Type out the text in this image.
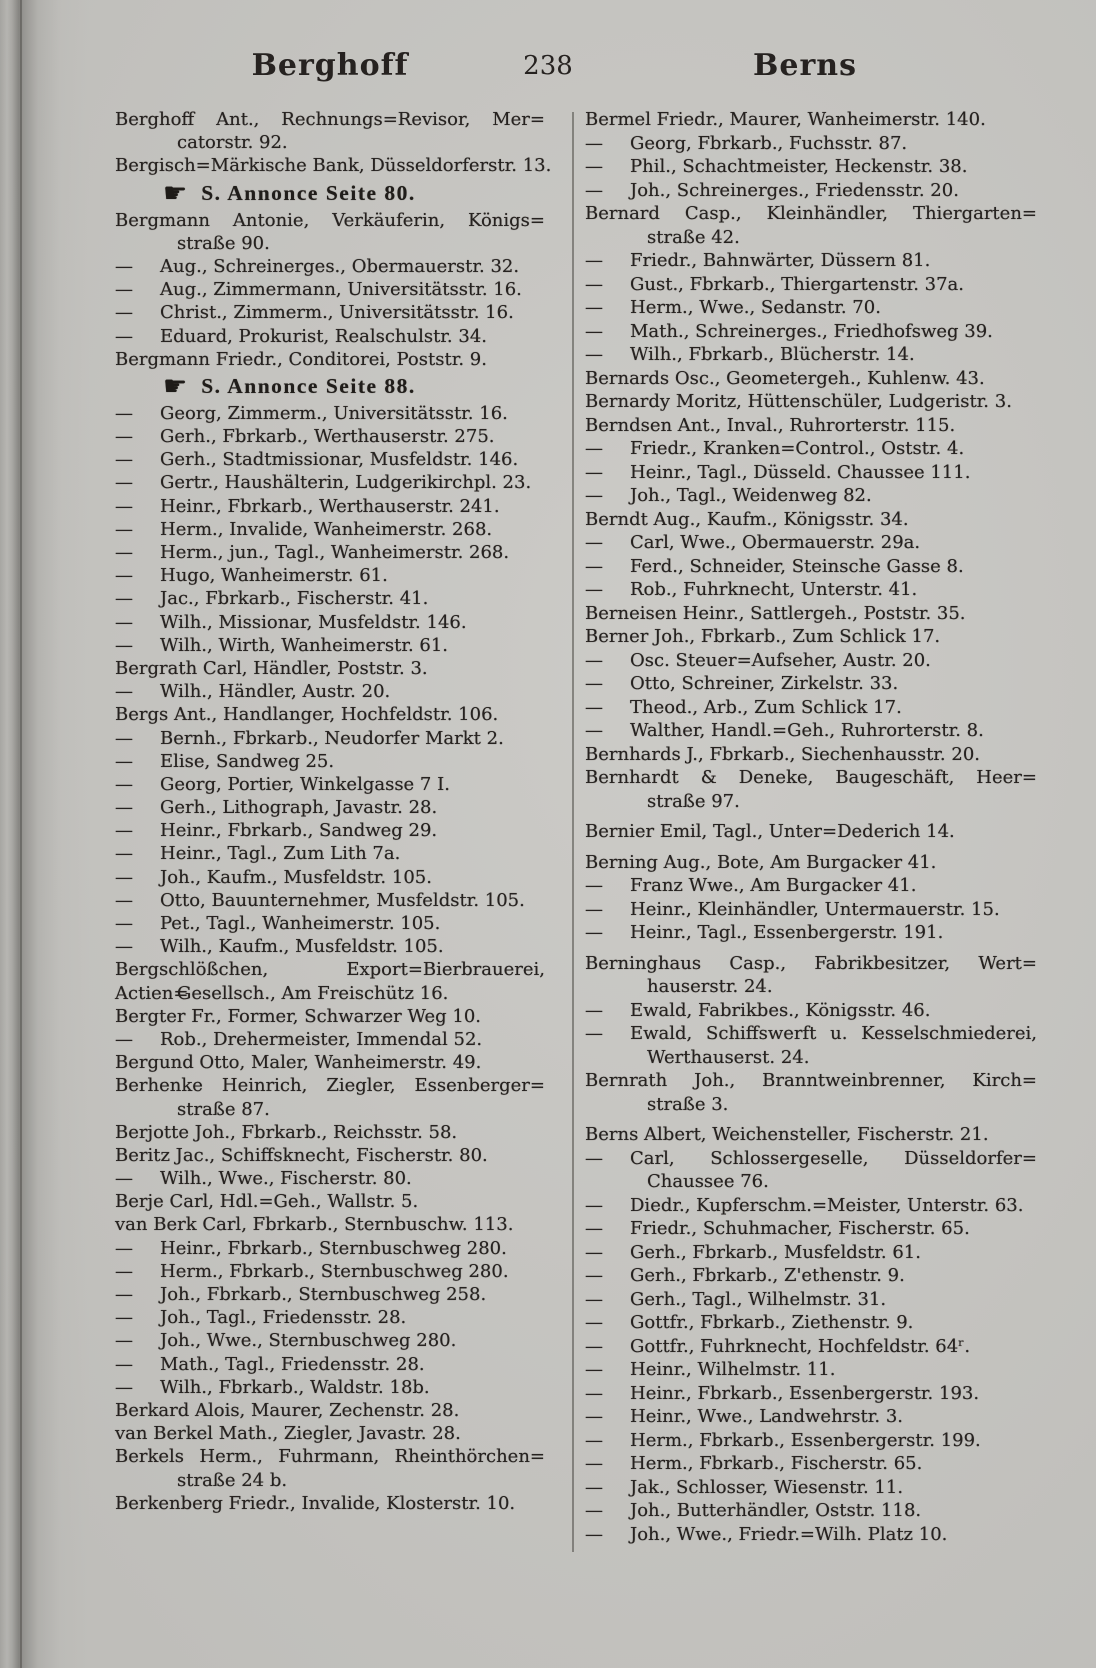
Berghoff	238	Berns
Berghoff Ant., Rechnungs=Revisor, Mer=
catorstr. 92.
Bergisch=Märkische Bank, Düsseldorferstr. 13.
☛ S. Annonce Seite 80.
Bergmann Antonie, Verkäuferin, Königs=
straße 90.
—  Aug., Schreinerges., Obermauerstr. 32.
—  Aug., Zimmermann, Universitätsstr. 16.
—  Christ., Zimmerm., Universitätsstr. 16.
—  Eduard, Prokurist, Realschulstr. 34.
Bergmann Friedr., Conditorei, Poststr. 9.
☛ S. Annonce Seite 88.
—  Georg, Zimmerm., Universitätsstr. 16.
—  Gerh., Fbrkarb., Werthauserstr. 275.
—  Gerh., Stadtmissionar, Musfeldstr. 146.
—  Gertr., Haushälterin, Ludgerikirchpl. 23.
—  Heinr., Fbrkarb., Werthauserstr. 241.
—  Herm., Invalide, Wanheimerstr. 268.
—  Herm., jun., Tagl., Wanheimerstr. 268.
—  Hugo, Wanheimerstr. 61.
—  Jac., Fbrkarb., Fischerstr. 41.
—  Wilh., Missionar, Musfeldstr. 146.
—  Wilh., Wirth, Wanheimerstr. 61.
Bergrath Carl, Händler, Poststr. 3.
—  Wilh., Händler, Austr. 20.
Bergs Ant., Handlanger, Hochfeldstr. 106.
—  Bernh., Fbrkarb., Neudorfer Markt 2.
—  Elise, Sandweg 25.
—  Georg, Portier, Winkelgasse 7 I.
—  Gerh., Lithograph, Javastr. 28.
—  Heinr., Fbrkarb., Sandweg 29.
—  Heinr., Tagl., Zum Lith 7a.
—  Joh., Kaufm., Musfeldstr. 105.
—  Otto, Bauunternehmer, Musfeldstr. 105.
—  Pet., Tagl., Wanheimerstr. 105.
—  Wilh., Kaufm., Musfeldstr. 105.
Bergschlößchen, Export=Bierbrauerei, Actien=
Gesellsch., Am Freischütz 16.
Bergter Fr., Former, Schwarzer Weg 10.
—  Rob., Drehermeister, Immendal 52.
Bergund Otto, Maler, Wanheimerstr. 49.
Berhenke Heinrich, Ziegler, Essenberger=
straße 87.
Berjotte Joh., Fbrkarb., Reichsstr. 58.
Beritz Jac., Schiffsknecht, Fischerstr. 80.
—  Wilh., Wwe., Fischerstr. 80.
Berje Carl, Hdl.=Geh., Wallstr. 5.
van Berk Carl, Fbrkarb., Sternbuschw. 113.
—  Heinr., Fbrkarb., Sternbuschweg 280.
—  Herm., Fbrkarb., Sternbuschweg 280.
—  Joh., Fbrkarb., Sternbuschweg 258.
—  Joh., Tagl., Friedensstr. 28.
—  Joh., Wwe., Sternbuschweg 280.
—  Math., Tagl., Friedensstr. 28.
—  Wilh., Fbrkarb., Waldstr. 18b.
Berkard Alois, Maurer, Zechenstr. 28.
van Berkel Math., Ziegler, Javastr. 28.
Berkels Herm., Fuhrmann, Rheinthörchen=
straße 24 b.
Berkenberg Friedr., Invalide, Klosterstr. 10.
Bermel Friedr., Maurer, Wanheimerstr. 140.
—  Georg, Fbrkarb., Fuchsstr. 87.
—  Phil., Schachtmeister, Heckenstr. 38.
—  Joh., Schreinerges., Friedensstr. 20.
Bernard Casp., Kleinhändler, Thiergarten=
straße 42.
—  Friedr., Bahnwärter, Düssern 81.
—  Gust., Fbrkarb., Thiergartenstr. 37a.
—  Herm., Wwe., Sedanstr. 70.
—  Math., Schreinerges., Friedhofsweg 39.
—  Wilh., Fbrkarb., Blücherstr. 14.
Bernards Osc., Geometergeh., Kuhlenw. 43.
Bernardy Moritz, Hüttenschüler, Ludgeristr. 3.
Berndsen Ant., Inval., Ruhrorterstr. 115.
—  Friedr., Kranken=Control., Oststr. 4.
—  Heinr., Tagl., Düsseld. Chaussee 111.
—  Joh., Tagl., Weidenweg 82.
Berndt Aug., Kaufm., Königsstr. 34.
—  Carl, Wwe., Obermauerstr. 29a.
—  Ferd., Schneider, Steinsche Gasse 8.
—  Rob., Fuhrknecht, Unterstr. 41.
Berneisen Heinr., Sattlergeh., Poststr. 35.
Berner Joh., Fbrkarb., Zum Schlick 17.
—  Osc. Steuer=Aufseher, Austr. 20.
—  Otto, Schreiner, Zirkelstr. 33.
—  Theod., Arb., Zum Schlick 17.
—  Walther, Handl.=Geh., Ruhrorterstr. 8.
Bernhards J., Fbrkarb., Siechenhausstr. 20.
Bernhardt & Deneke, Baugeschäft, Heer=
straße 97.
Bernier Emil, Tagl., Unter=Dederich 14.
Berning Aug., Bote, Am Burgacker 41.
—  Franz Wwe., Am Burgacker 41.
—  Heinr., Kleinhändler, Untermauerstr. 15.
—  Heinr., Tagl., Essenbergerstr. 191.
Berninghaus Casp., Fabrikbesitzer, Wert=
hauserstr. 24.
—  Ewald, Fabrikbes., Königsstr. 46.
—  Ewald, Schiffswerft u. Kesselschmiederei,
Werthauserst. 24.
Bernrath Joh., Branntweinbrenner, Kirch=
straße 3.
Berns Albert, Weichensteller, Fischerstr. 21.
—  Carl, Schlossergeselle, Düsseldorfer=
Chaussee 76.
—  Diedr., Kupferschm.=Meister, Unterstr. 63.
—  Friedr., Schuhmacher, Fischerstr. 65.
—  Gerh., Fbrkarb., Musfeldstr. 61.
—  Gerh., Fbrkarb., Z'ethenstr. 9.
—  Gerh., Tagl., Wilhelmstr. 31.
—  Gottfr., Fbrkarb., Ziethenstr. 9.
—  Gottfr., Fuhrknecht, Hochfeldstr. 64ʳ.
—  Heinr., Wilhelmstr. 11.
—  Heinr., Fbrkarb., Essenbergerstr. 193.
—  Heinr., Wwe., Landwehrstr. 3.
—  Herm., Fbrkarb., Essenbergerstr. 199.
—  Herm., Fbrkarb., Fischerstr. 65.
—  Jak., Schlosser, Wiesenstr. 11.
—  Joh., Butterhändler, Oststr. 118.
—  Joh., Wwe., Friedr.=Wilh. Platz 10.
